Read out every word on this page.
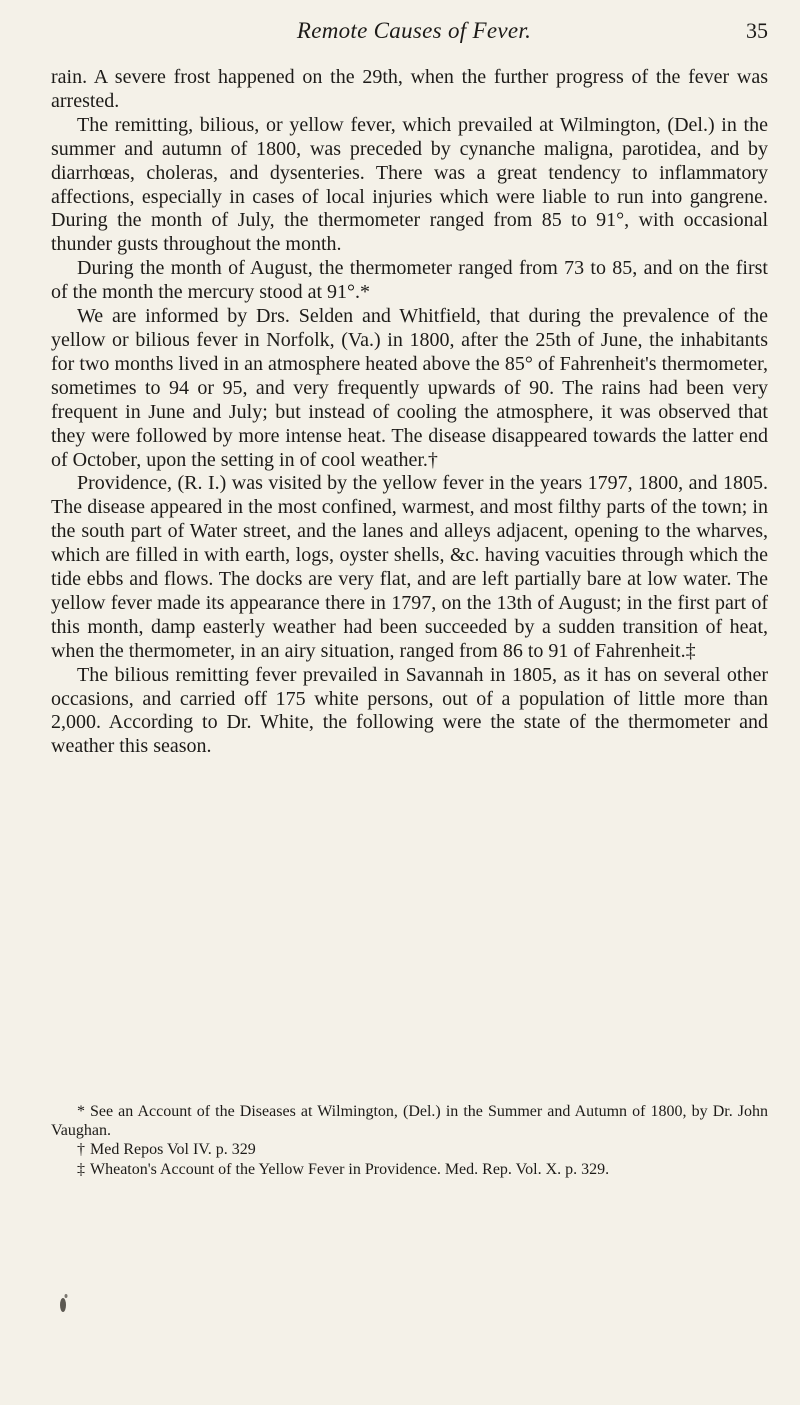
Remote Causes of Fever.	35

rain. A severe frost happened on the 29th, when the further progress of the fever was arrested.

The remitting, bilious, or yellow fever, which prevailed at Wilmington, (Del.) in the summer and autumn of 1800, was preceded by cynanche maligna, parotidea, and by diarrhœas, choleras, and dysenteries. There was a great tendency to inflammatory affections, especially in cases of local injuries which were liable to run into gangrene. During the month of July, the thermometer ranged from 85 to 91°, with occasional thunder gusts throughout the month.

During the month of August, the thermometer ranged from 73 to 85, and on the first of the month the mercury stood at 91°.*

We are informed by Drs. Selden and Whitfield, that during the prevalence of the yellow or bilious fever in Norfolk, (Va.) in 1800, after the 25th of June, the inhabitants for two months lived in an atmosphere heated above the 85° of Fahrenheit's thermometer, sometimes to 94 or 95, and very frequently upwards of 90. The rains had been very frequent in June and July; but instead of cooling the atmosphere, it was observed that they were followed by more intense heat. The disease disappeared towards the latter end of October, upon the setting in of cool weather.†

Providence, (R. I.) was visited by the yellow fever in the years 1797, 1800, and 1805. The disease appeared in the most confined, warmest, and most filthy parts of the town; in the south part of Water street, and the lanes and alleys adjacent, opening to the wharves, which are filled in with earth, logs, oyster shells, &c. having vacuities through which the tide ebbs and flows. The docks are very flat, and are left partially bare at low water. The yellow fever made its appearance there in 1797, on the 13th of August; in the first part of this month, damp easterly weather had been succeeded by a sudden transition of heat, when the thermometer, in an airy situation, ranged from 86 to 91 of Fahrenheit.‡

The bilious remitting fever prevailed in Savannah in 1805, as it has on several other occasions, and carried off 175 white persons, out of a population of little more than 2,000. According to Dr. White, the following were the state of the thermometer and weather this season.

* See an Account of the Diseases at Wilmington, (Del.) in the Summer and Autumn of 1800, by Dr. John Vaughan.

† Med Repos Vol IV. p. 329

‡ Wheaton's Account of the Yellow Fever in Providence. Med. Rep. Vol. X. p. 329.
